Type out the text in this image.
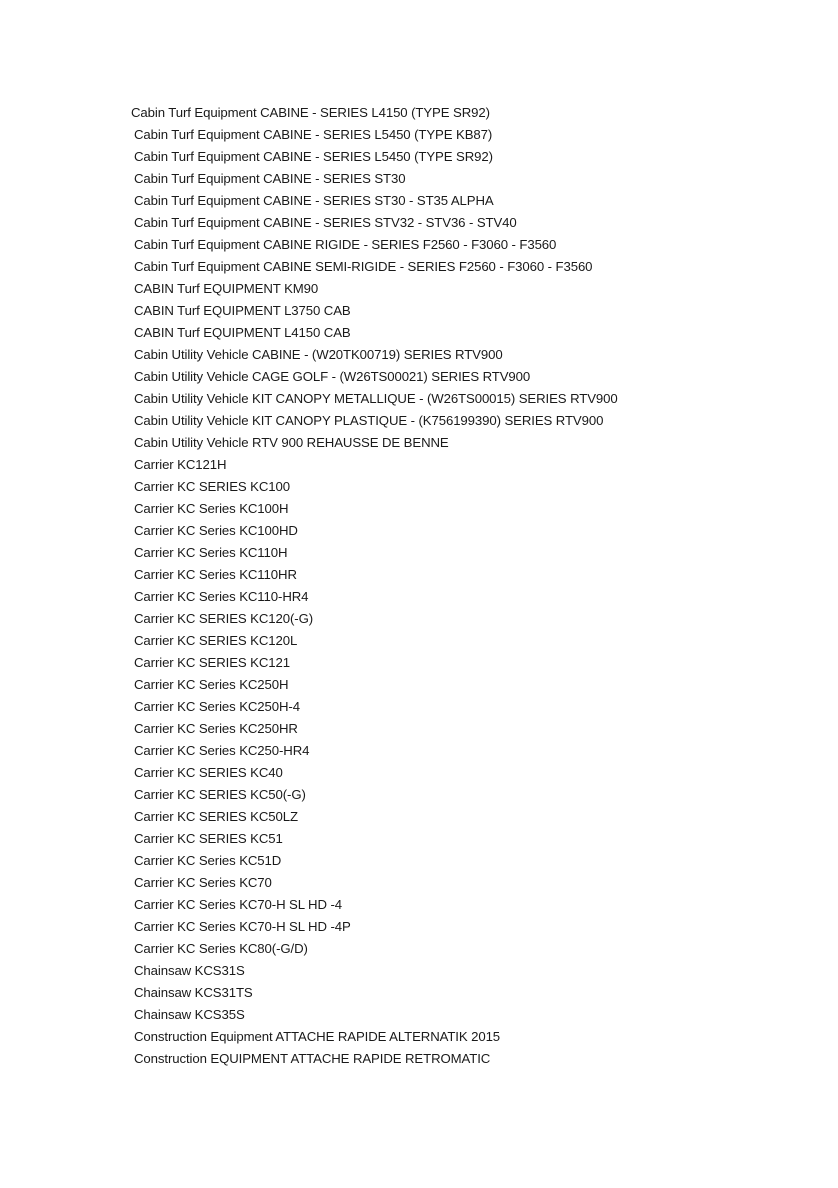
Cabin Turf Equipment CABINE - SERIES L4150 (TYPE SR92)
Cabin Turf Equipment CABINE - SERIES L5450 (TYPE KB87)
Cabin Turf Equipment CABINE - SERIES L5450 (TYPE SR92)
Cabin Turf Equipment CABINE - SERIES ST30
Cabin Turf Equipment CABINE - SERIES ST30 - ST35 ALPHA
Cabin Turf Equipment CABINE - SERIES STV32 - STV36 - STV40
Cabin Turf Equipment CABINE RIGIDE - SERIES F2560 - F3060 - F3560
Cabin Turf Equipment CABINE SEMI-RIGIDE - SERIES F2560 - F3060 - F3560
CABIN Turf EQUIPMENT KM90
CABIN Turf EQUIPMENT L3750 CAB
CABIN Turf EQUIPMENT L4150 CAB
Cabin Utility Vehicle CABINE - (W20TK00719) SERIES RTV900
Cabin Utility Vehicle CAGE GOLF - (W26TS00021) SERIES RTV900
Cabin Utility Vehicle KIT CANOPY METALLIQUE - (W26TS00015) SERIES RTV900
Cabin Utility Vehicle KIT CANOPY PLASTIQUE - (K756199390) SERIES RTV900
Cabin Utility Vehicle RTV 900 REHAUSSE DE BENNE
Carrier KC121H
Carrier KC SERIES KC100
Carrier KC Series KC100H
Carrier KC Series KC100HD
Carrier KC Series KC110H
Carrier KC Series KC110HR
Carrier KC Series KC110-HR4
Carrier KC SERIES KC120(-G)
Carrier KC SERIES KC120L
Carrier KC SERIES KC121
Carrier KC Series KC250H
Carrier KC Series KC250H-4
Carrier KC Series KC250HR
Carrier KC Series KC250-HR4
Carrier KC SERIES KC40
Carrier KC SERIES KC50(-G)
Carrier KC SERIES KC50LZ
Carrier KC SERIES KC51
Carrier KC Series KC51D
Carrier KC Series KC70
Carrier KC Series KC70-H SL HD -4
Carrier KC Series KC70-H SL HD -4P
Carrier KC Series KC80(-G/D)
Chainsaw KCS31S
Chainsaw KCS31TS
Chainsaw KCS35S
Construction Equipment ATTACHE RAPIDE ALTERNATIK 2015
Construction EQUIPMENT ATTACHE RAPIDE RETROMATIC
